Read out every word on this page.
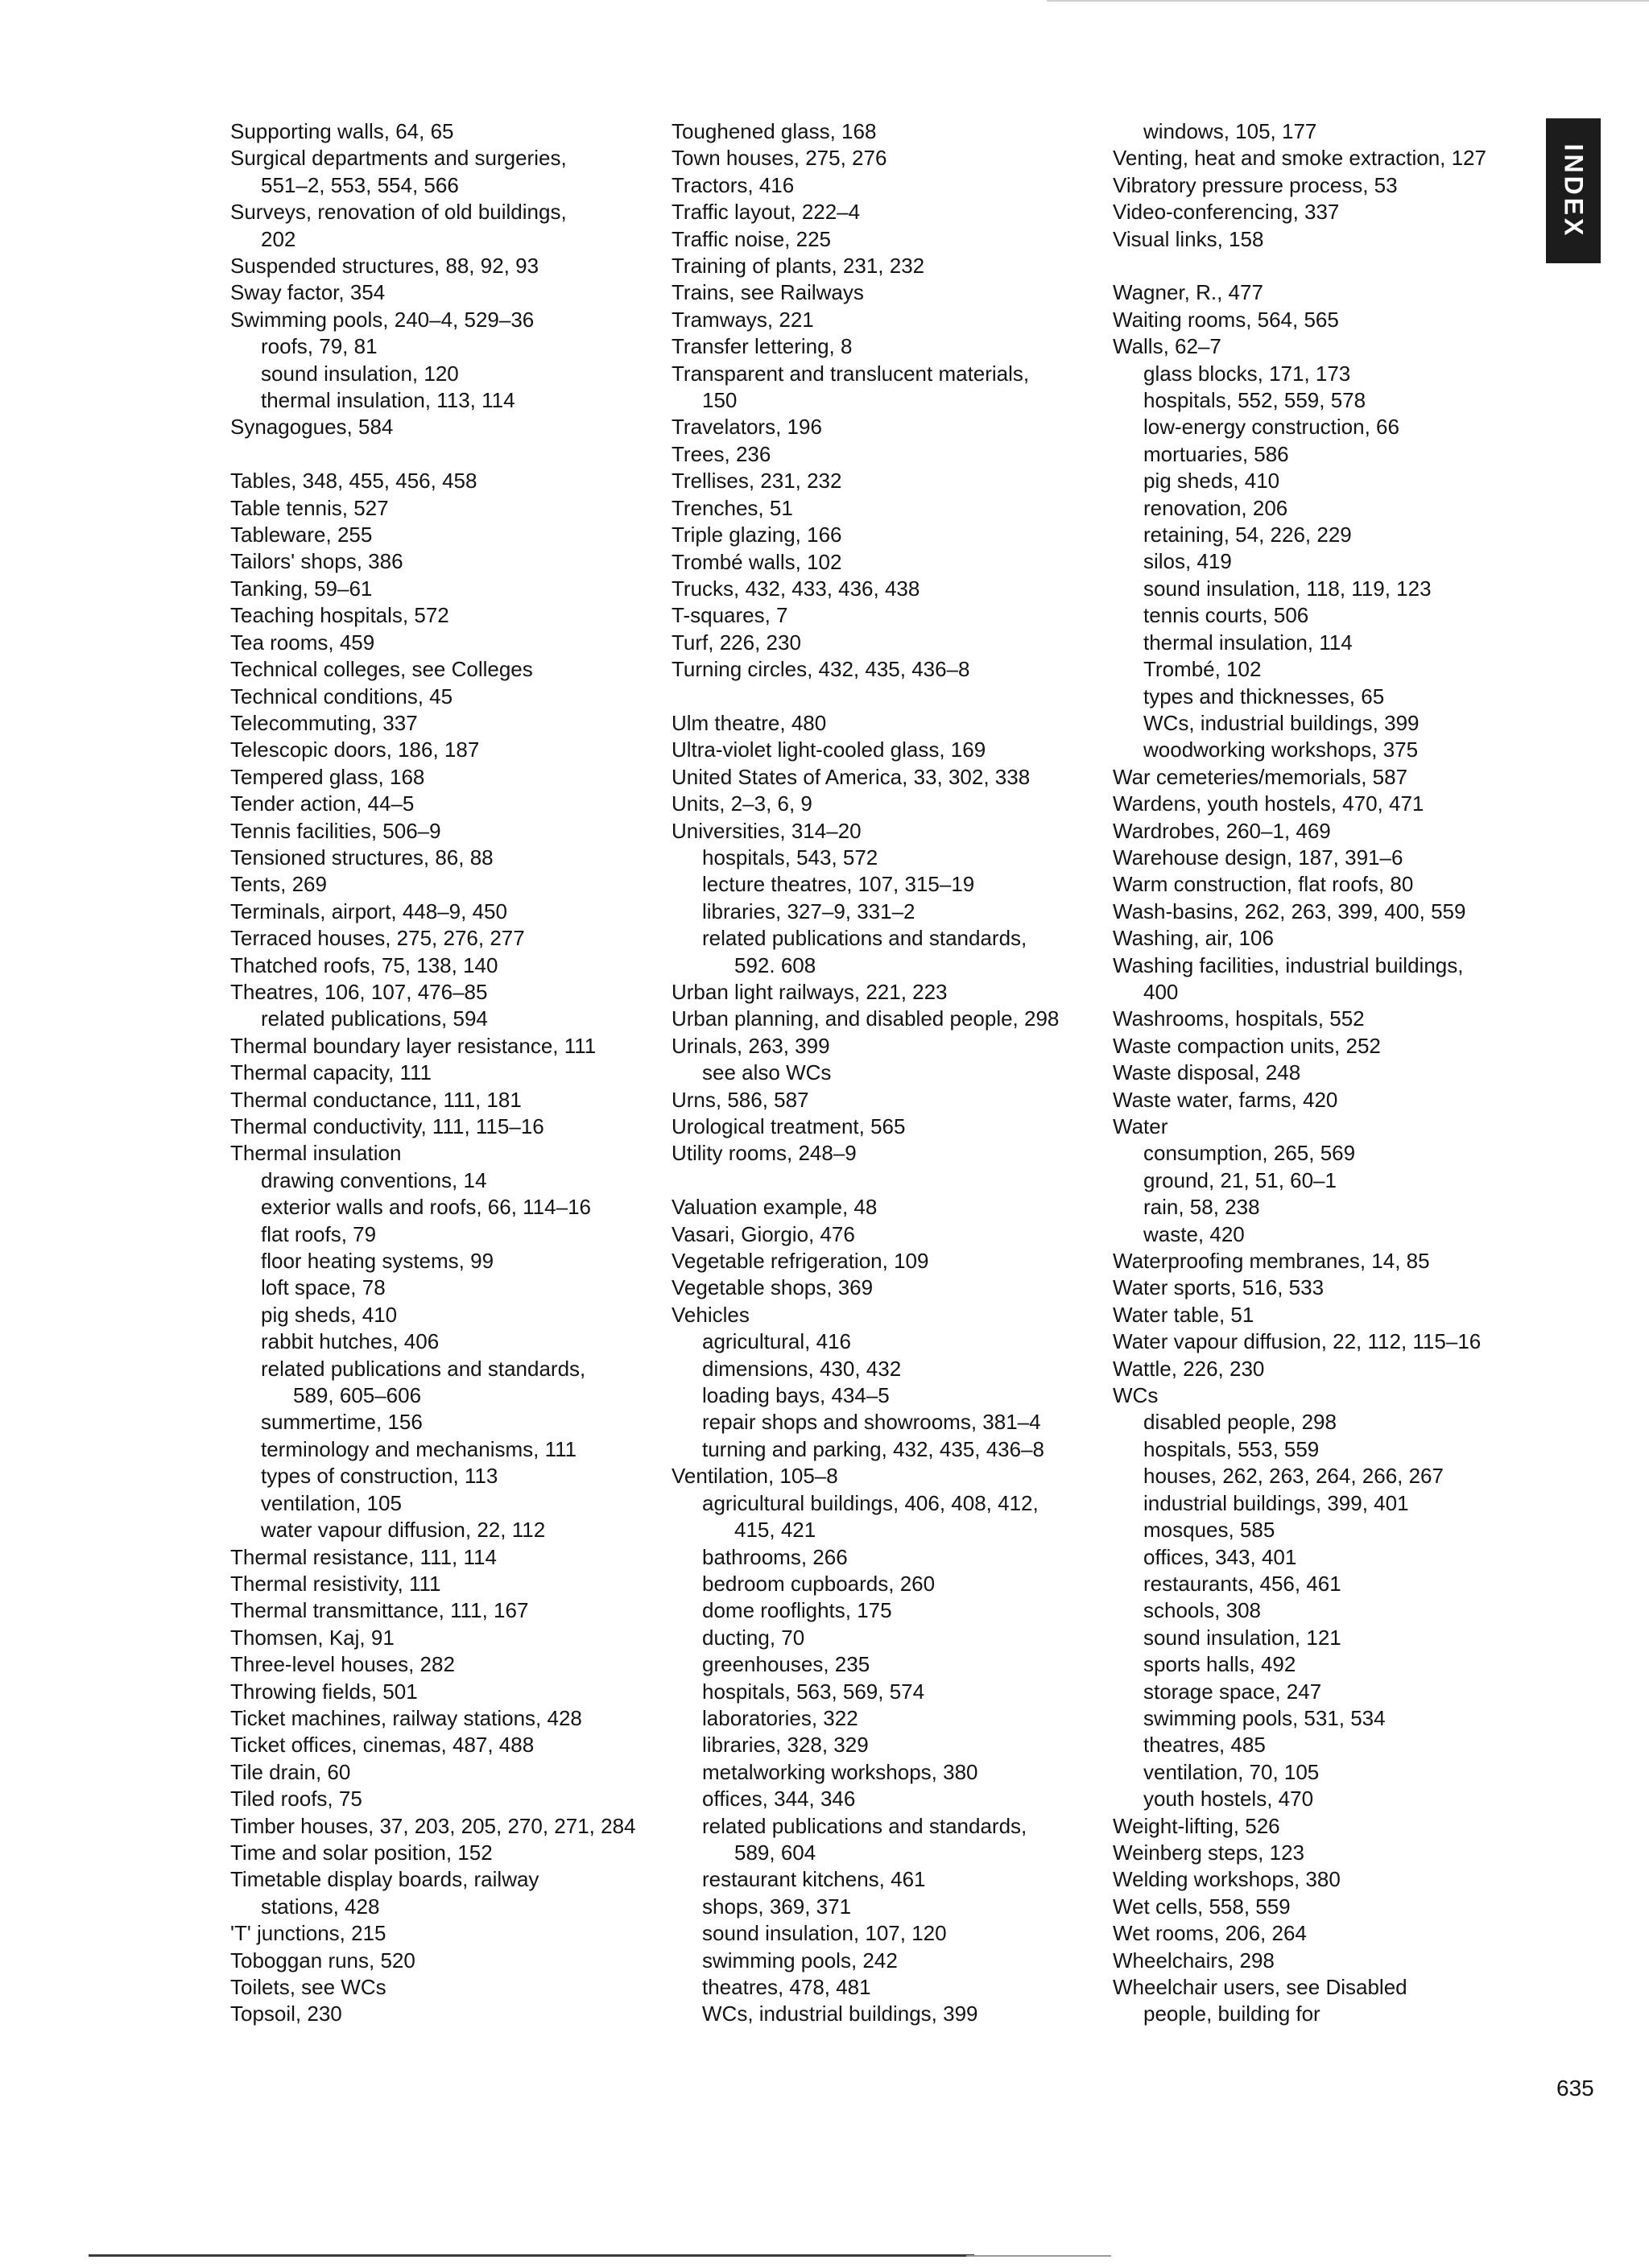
Supporting walls, 64, 65
Surgical departments and surgeries,
551–2, 553, 554, 566
Surveys, renovation of old buildings,
202
Suspended structures, 88, 92, 93
Sway factor, 354
Swimming pools, 240–4, 529–36
roofs, 79, 81
sound insulation, 120
thermal insulation, 113, 114
Synagogues, 584
Tables, 348, 455, 456, 458
Table tennis, 527
Tableware, 255
Tailors' shops, 386
Tanking, 59–61
Teaching hospitals, 572
Tea rooms, 459
Technical colleges, see Colleges
Technical conditions, 45
Telecommuting, 337
Telescopic doors, 186, 187
Tempered glass, 168
Tender action, 44–5
Tennis facilities, 506–9
Tensioned structures, 86, 88
Tents, 269
Terminals, airport, 448–9, 450
Terraced houses, 275, 276, 277
Thatched roofs, 75, 138, 140
Theatres, 106, 107, 476–85
related publications, 594
Thermal boundary layer resistance, 111
Thermal capacity, 111
Thermal conductance, 111, 181
Thermal conductivity, 111, 115–16
Thermal insulation
drawing conventions, 14
exterior walls and roofs, 66, 114–16
flat roofs, 79
floor heating systems, 99
loft space, 78
pig sheds, 410
rabbit hutches, 406
related publications and standards,
589, 605–606
summertime, 156
terminology and mechanisms, 111
types of construction, 113
ventilation, 105
water vapour diffusion, 22, 112
Thermal resistance, 111, 114
Thermal resistivity, 111
Thermal transmittance, 111, 167
Thomsen, Kaj, 91
Three-level houses, 282
Throwing fields, 501
Ticket machines, railway stations, 428
Ticket offices, cinemas, 487, 488
Tile drain, 60
Tiled roofs, 75
Timber houses, 37, 203, 205, 270, 271, 284
Time and solar position, 152
Timetable display boards, railway
stations, 428
'T' junctions, 215
Toboggan runs, 520
Toilets, see WCs
Topsoil, 230
Toughened glass, 168
Town houses, 275, 276
Tractors, 416
Traffic layout, 222–4
Traffic noise, 225
Training of plants, 231, 232
Trains, see Railways
Tramways, 221
Transfer lettering, 8
Transparent and translucent materials,
150
Travelators, 196
Trees, 236
Trellises, 231, 232
Trenches, 51
Triple glazing, 166
Trombé walls, 102
Trucks, 432, 433, 436, 438
T-squares, 7
Turf, 226, 230
Turning circles, 432, 435, 436–8
Ulm theatre, 480
Ultra-violet light-cooled glass, 169
United States of America, 33, 302, 338
Units, 2–3, 6, 9
Universities, 314–20
hospitals, 543, 572
lecture theatres, 107, 315–19
libraries, 327–9, 331–2
related publications and standards,
592. 608
Urban light railways, 221, 223
Urban planning, and disabled people, 298
Urinals, 263, 399
see also WCs
Urns, 586, 587
Urological treatment, 565
Utility rooms, 248–9
Valuation example, 48
Vasari, Giorgio, 476
Vegetable refrigeration, 109
Vegetable shops, 369
Vehicles
agricultural, 416
dimensions, 430, 432
loading bays, 434–5
repair shops and showrooms, 381–4
turning and parking, 432, 435, 436–8
Ventilation, 105–8
agricultural buildings, 406, 408, 412,
415, 421
bathrooms, 266
bedroom cupboards, 260
dome rooflights, 175
ducting, 70
greenhouses, 235
hospitals, 563, 569, 574
laboratories, 322
libraries, 328, 329
metalworking workshops, 380
offices, 344, 346
related publications and standards,
589, 604
restaurant kitchens, 461
shops, 369, 371
sound insulation, 107, 120
swimming pools, 242
theatres, 478, 481
WCs, industrial buildings, 399
windows, 105, 177
Venting, heat and smoke extraction, 127
Vibratory pressure process, 53
Video-conferencing, 337
Visual links, 158
Wagner, R., 477
Waiting rooms, 564, 565
Walls, 62–7
glass blocks, 171, 173
hospitals, 552, 559, 578
low-energy construction, 66
mortuaries, 586
pig sheds, 410
renovation, 206
retaining, 54, 226, 229
silos, 419
sound insulation, 118, 119, 123
tennis courts, 506
thermal insulation, 114
Trombé, 102
types and thicknesses, 65
WCs, industrial buildings, 399
woodworking workshops, 375
War cemeteries/memorials, 587
Wardens, youth hostels, 470, 471
Wardrobes, 260–1, 469
Warehouse design, 187, 391–6
Warm construction, flat roofs, 80
Wash-basins, 262, 263, 399, 400, 559
Washing, air, 106
Washing facilities, industrial buildings,
400
Washrooms, hospitals, 552
Waste compaction units, 252
Waste disposal, 248
Waste water, farms, 420
Water
consumption, 265, 569
ground, 21, 51, 60–1
rain, 58, 238
waste, 420
Waterproofing membranes, 14, 85
Water sports, 516, 533
Water table, 51
Water vapour diffusion, 22, 112, 115–16
Wattle, 226, 230
WCs
disabled people, 298
hospitals, 553, 559
houses, 262, 263, 264, 266, 267
industrial buildings, 399, 401
mosques, 585
offices, 343, 401
restaurants, 456, 461
schools, 308
sound insulation, 121
sports halls, 492
storage space, 247
swimming pools, 531, 534
theatres, 485
ventilation, 70, 105
youth hostels, 470
Weight-lifting, 526
Weinberg steps, 123
Welding workshops, 380
Wet cells, 558, 559
Wet rooms, 206, 264
Wheelchairs, 298
Wheelchair users, see Disabled
people, building for
INDEX
635
